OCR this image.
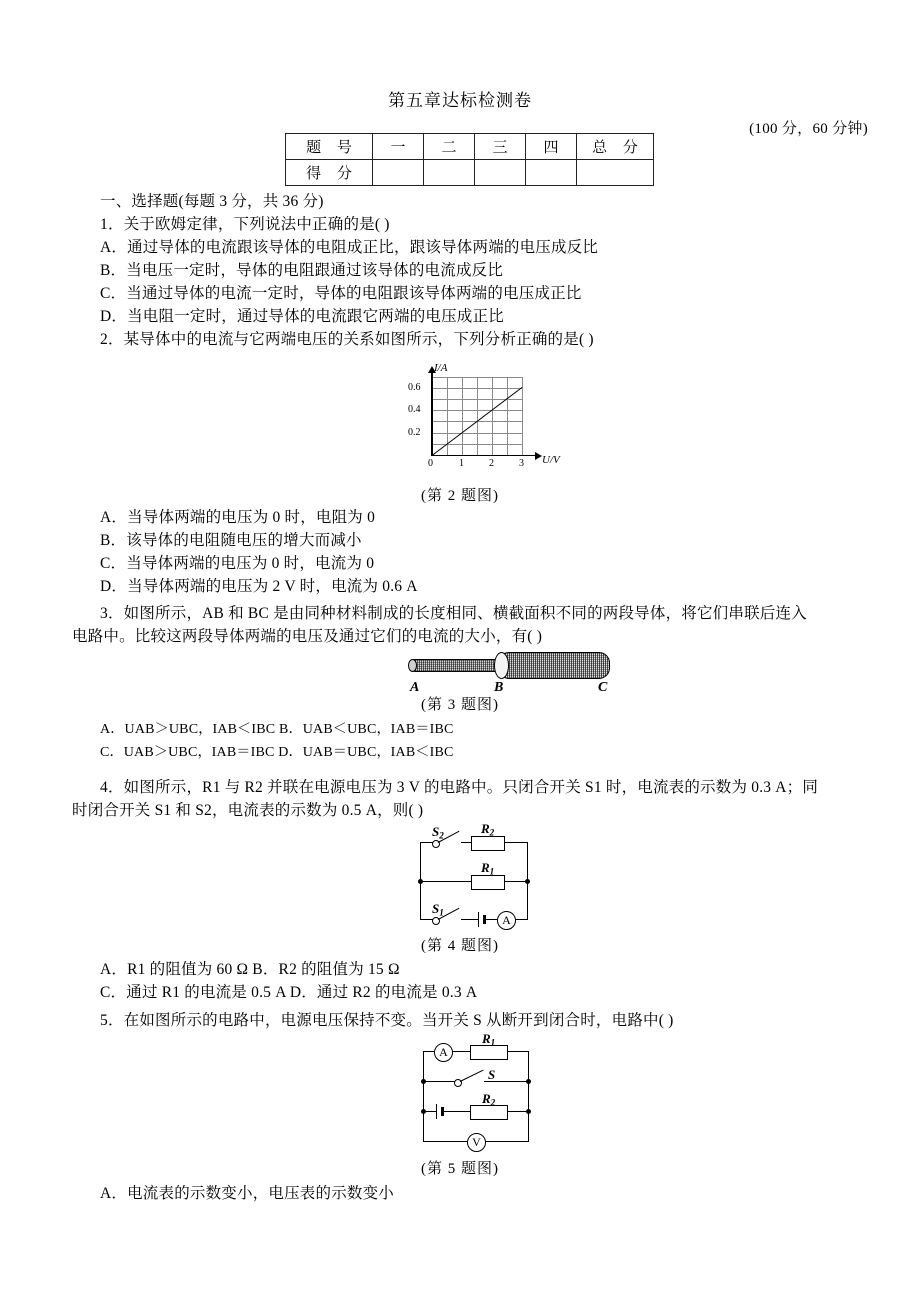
第五章达标检测卷
(100 分，60 分钟)
题 号	一	二	三	四	总 分
得 分					
一、选择题(每题 3 分，共 36 分)
1．关于欧姆定律，下列说法中正确的是( )
A．通过导体的电流跟该导体的电阻成正比，跟该导体两端的电压成反比
B．当电压一定时，导体的电阻跟通过该导体的电流成反比
C．当通过导体的电流一定时，导体的电阻跟该导体两端的电压成正比
D．当电阻一定时，通过导体的电流跟它两端的电压成正比
2．某导体中的电流与它两端电压的关系如图所示，下列分析正确的是( )
0.6
0.4
0.2
0	1	2	3
I/A
U/V
(第 2 题图)
A．当导体两端的电压为 0 时，电阻为 0
B．该导体的电阻随电压的增大而减小
C．当导体两端的电压为 0 时，电流为 0
D．当导体两端的电压为 2 V 时，电流为 0.6 A
3．如图所示，AB 和 BC 是由同种材料制成的长度相同、横截面积不同的两段导体，将它们串联后连入
电路中。比较这两段导体两端的电压及通过它们的电流的大小，有( )
A	B	C
(第 3 题图)
A．UAB＞UBC，IAB＜IBC B．UAB＜UBC，IAB＝IBC
C．UAB＞UBC，IAB＝IBC D．UAB＝UBC，IAB＜IBC
4．如图所示，R1 与 R2 并联在电源电压为 3 V 的电路中。只闭合开关 S1 时，电流表的示数为 0.3 A；同
时闭合开关 S1 和 S2，电流表的示数为 0.5 A，则( )
$S_2$	$R_2$
$R_1$
$S_1$
A
(第 4 题图)
A．R1 的阻值为 60 Ω B．R2 的阻值为 15 Ω
C．通过 R1 的电流是 0.5 A D．通过 R2 的电流是 0.3 A
5．在如图所示的电路中，电源电压保持不变。当开关 S 从断开到闭合时，电路中( )
A
$R_1$
S
$R_2$
V
(第 5 题图)
A．电流表的示数变小，电压表的示数变小
